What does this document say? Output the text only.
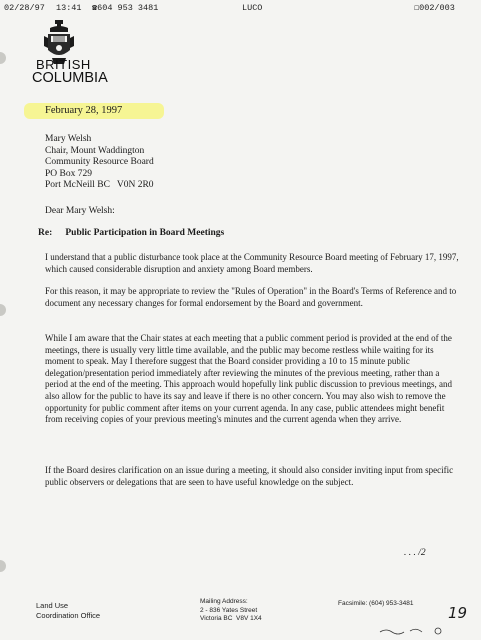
02/28/97 13:41 ☎604 953 3481	LUCO	☐002/003
BRITISH
COLUMBIA
February 28, 1997
Mary Welsh
Chair, Mount Waddington
Community Resource Board
PO Box 729
Port McNeill BC   V0N 2R0
Dear Mary Welsh:
Re: Public Participation in Board Meetings
I understand that a public disturbance took place at the Community Resource Board meeting of February 17, 1997, which caused considerable disruption and anxiety among Board members.
For this reason, it may be appropriate to review the "Rules of Operation" in the Board's Terms of Reference and to document any necessary changes for formal endorsement by the Board and government.
While I am aware that the Chair states at each meeting that a public comment period is provided at the end of the meetings, there is usually very little time available, and the public may become restless while waiting for its moment to speak. May I therefore suggest that the Board consider providing a 10 to 15 minute public delegation/presentation period immediately after reviewing the minutes of the previous meeting, rather than a period at the end of the meeting. This approach would hopefully link public discussion to previous meetings, and also allow for the public to have its say and leave if there is no other concern. You may also wish to remove the opportunity for public comment after items on your current agenda. In any case, public attendees might benefit from receiving copies of your previous meeting's minutes and the current agenda when they arrive.
If the Board desires clarification on an issue during a meeting, it should also consider inviting input from specific public observers or delegations that are seen to have useful knowledge on the subject.
. . . /2
Land Use
Coordination Office
Mailing Address:
2 - 836 Yates Street
Victoria BC  V8V 1X4
Facsimile: (604) 953-3481
19
